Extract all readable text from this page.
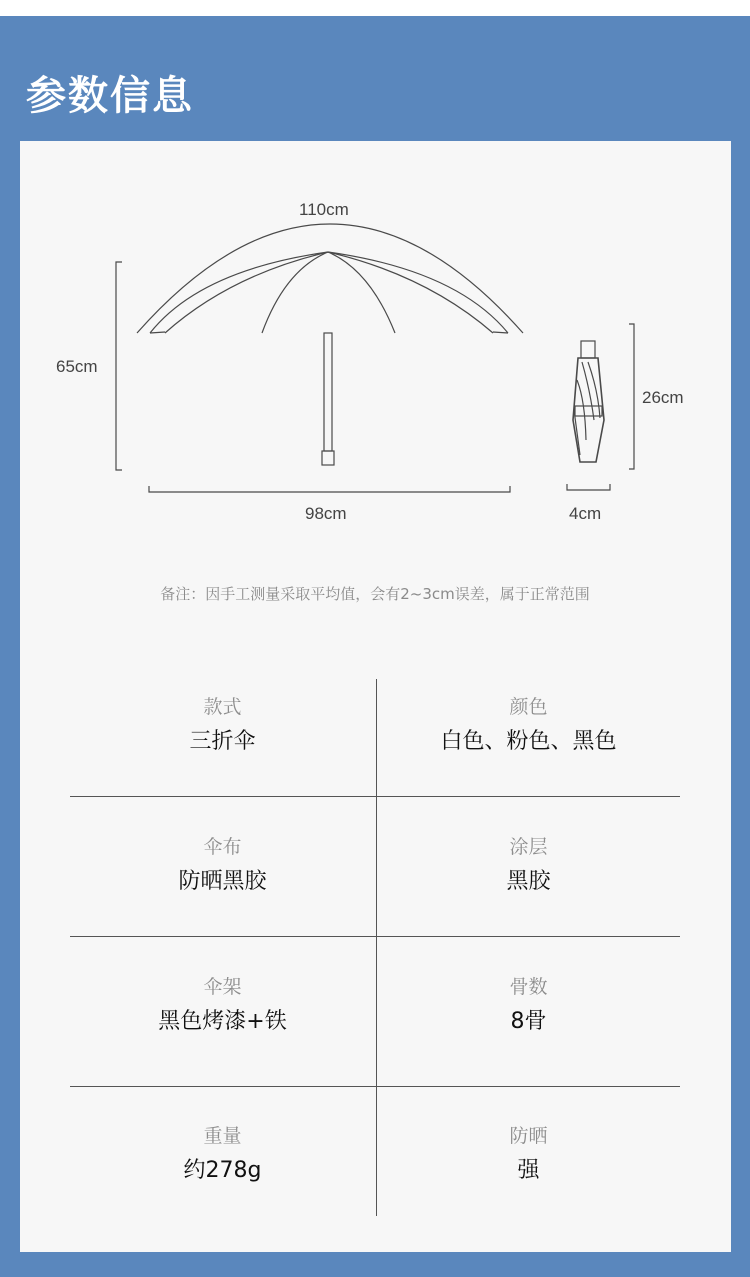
参数信息
110cm
65cm
98cm
26cm
4cm
备注：因手工测量采取平均值，会有2~3cm误差，属于正常范围
款式
三折伞
颜色
白色、粉色、黑色
伞布
防晒黑胶
涂层
黑胶
伞架
黑色烤漆+铁
骨数
8骨
重量
约278g
防晒
强
